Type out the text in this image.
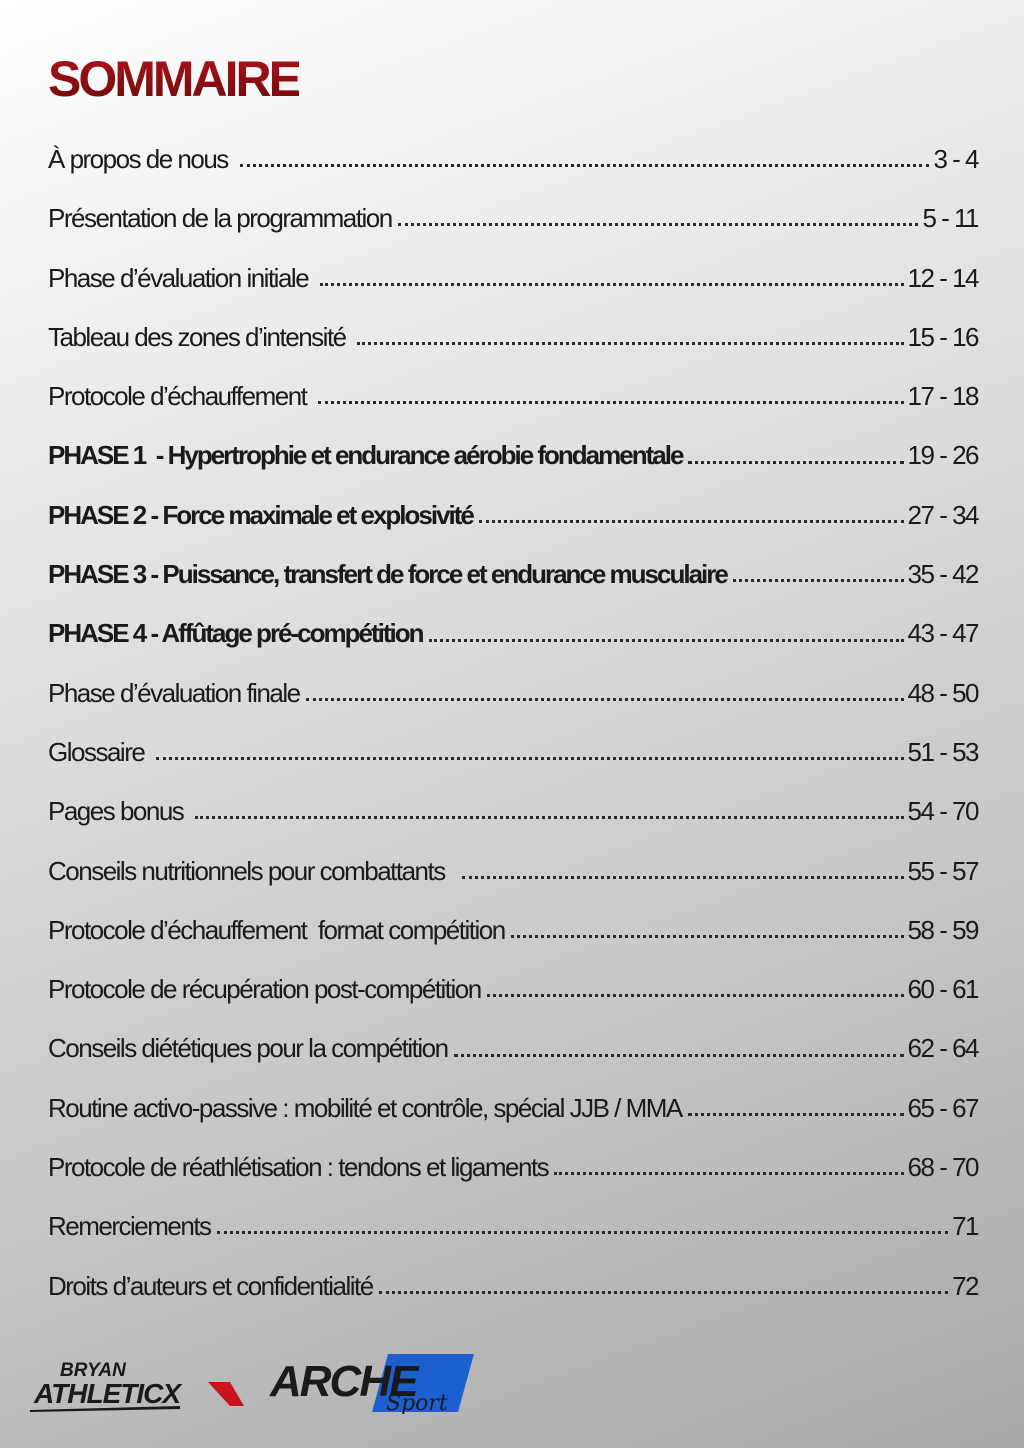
SOMMAIRE
À propos de nous	3 - 4
Présentation de la programmation	5 - 11
Phase d’évaluation initiale	12 - 14
Tableau des zones d’intensité	15 - 16
Protocole d’échauffement	17 - 18
PHASE 1  - Hypertrophie et endurance aérobie fondamentale	19 - 26
PHASE 2 - Force maximale et explosivité	27 - 34
PHASE 3 - Puissance, transfert de force et endurance musculaire	35 - 42
PHASE 4 - Affûtage pré-compétition	43 - 47
Phase d’évaluation finale	48 - 50
Glossaire	51 - 53
Pages bonus	54 - 70
Conseils nutritionnels pour combattants	55 - 57
Protocole d’échauffement  format compétition	58 - 59
Protocole de récupération post-compétition	60 - 61
Conseils diététiques pour la compétition	62 - 64
Routine activo-passive : mobilité et contrôle, spécial JJB / MMA	65 - 67
Protocole de réathlétisation : tendons et ligaments	68 - 70
Remerciements	71
Droits d’auteurs et confidentialité	72
BRYAN
ATHLETICX ARCHE
Sport
